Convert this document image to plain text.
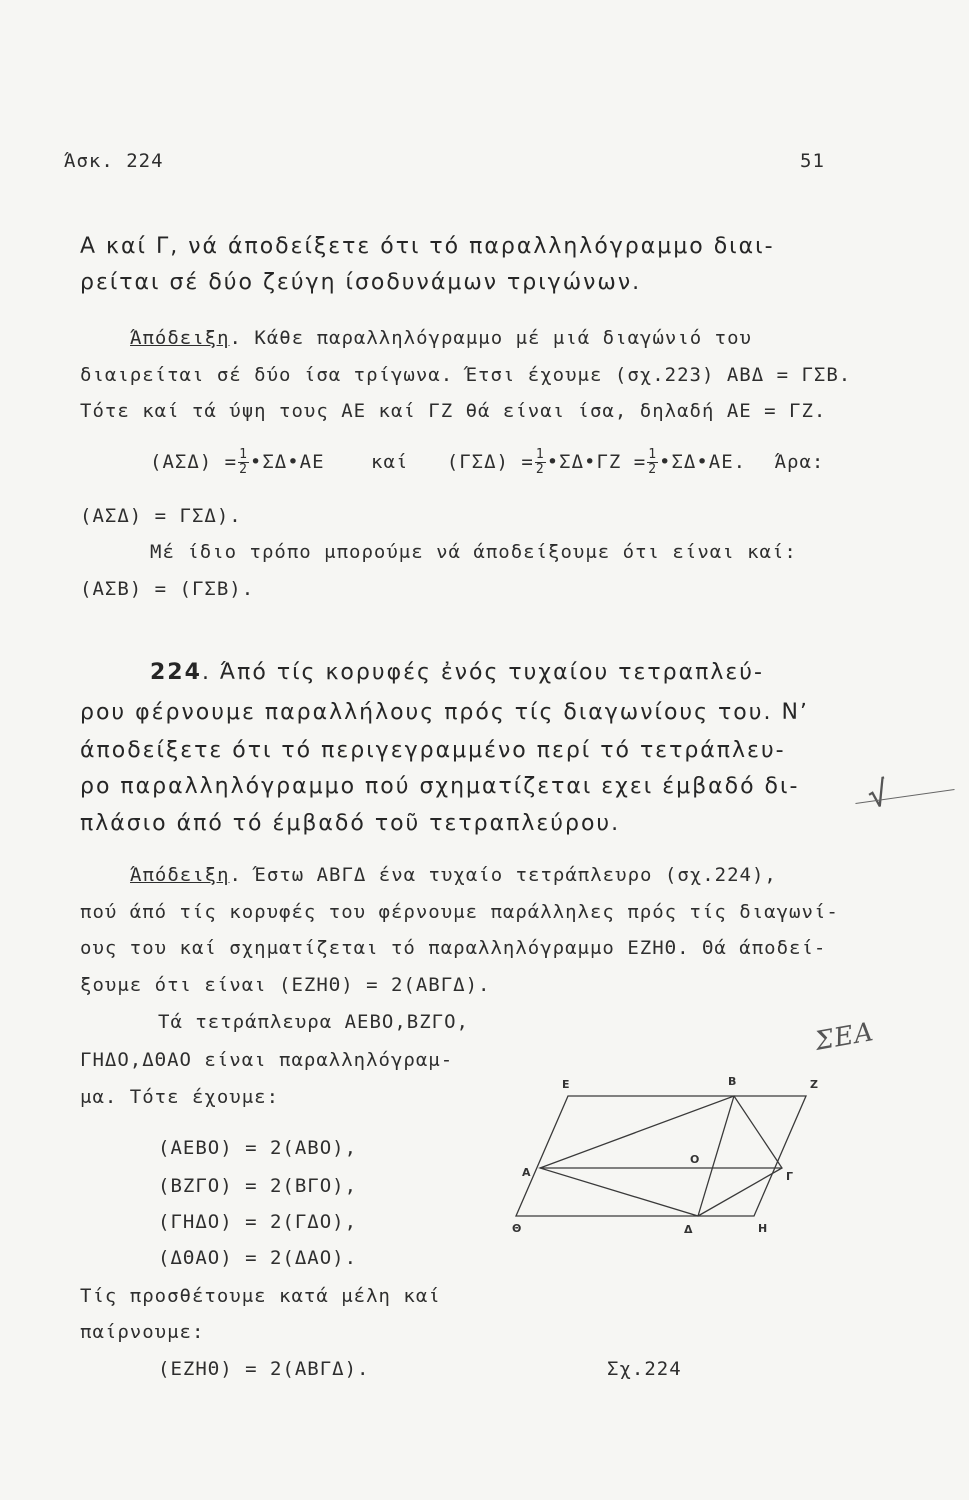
Άσκ. 224	51
Α καί Γ, νά άποδείξετε ότι τό παραλληλόγραμμο διαι-
ρείται σέ δύο ζεύγη ίσοδυνάμων τριγώνων.
Άπόδειξη. Κάθε παραλληλόγραμμο μέ μιά διαγώνιό του
διαιρείται σέ δύο ίσα τρίγωνα. Έτσι έχουμε (σχ.223) ΑΒΔ = ΓΣΒ.
Τότε καί τά ύψη τους ΑΕ καί ΓΖ θά είναι ίσα, δηλαδή ΑΕ = ΓΖ.
$(A\Sigma\Delta) = \frac{1}{2}$ •ΣΔ•ΑΕ καί $(\Gamma\Sigma\Delta) = \frac{1}{2}$ •ΣΔ•ΓΖ = $\frac{1}{2}$ •ΣΔ•ΑΕ. Άρα:
(ΑΣΔ) = ΓΣΔ).
Μέ ίδιο τρόπο μπορούμε νά άποδείξουμε ότι είναι καί:
(ΑΣΒ) = (ΓΣΒ).
224. Άπό τίς κορυφές ἐνός τυχαίου τετραπλεύ-
ρου φέρνουμε παραλλήλους πρός τίς διαγωνίους του. Νʼ
άποδείξετε ότι τό περιγεγραμμένο περί τό τετράπλευ-
ρο παραλληλόγραμμο πού σχηματίζεται εχει έμβαδό δι-
πλάσιο άπό τό έμβαδό τοῦ τετραπλεύρου.
√
Άπόδειξη. Έστω ΑΒΓΔ ένα τυχαίο τετράπλευρο (σχ.224),
πού άπό τίς κορυφές του φέρνουμε παράλληλες πρός τίς διαγωνί-
ους του καί σχηματίζεται τό παραλληλόγραμμο ΕΖΗΘ. Θά άποδεί-
ξουμε ότι είναι (ΕΖΗΘ) = 2(ΑΒΓΔ).
Τά τετράπλευρα ΑΕΒΟ,ΒΖΓΟ,
ΓΗΔΟ,ΔΘΑΟ είναι παραλληλόγραμ-
μα. Τότε έχουμε:
(ΑΕΒΟ) = 2(ΑΒΟ),
(ΒΖΓΟ) = 2(ΒΓΟ),
(ΓΗΔΟ) = 2(ΓΔΟ),
(ΔΘΑΟ) = 2(ΔΑΟ).
Τίς προσθέτουμε κατά μέλη καί
παίρνουμε:
(ΕΖΗΘ) = 2(ΑΒΓΔ).
ΣΕΑ
Ε	Β	Ζ
Α
Ο
Γ
Θ	Δ	Η
Σχ.224
